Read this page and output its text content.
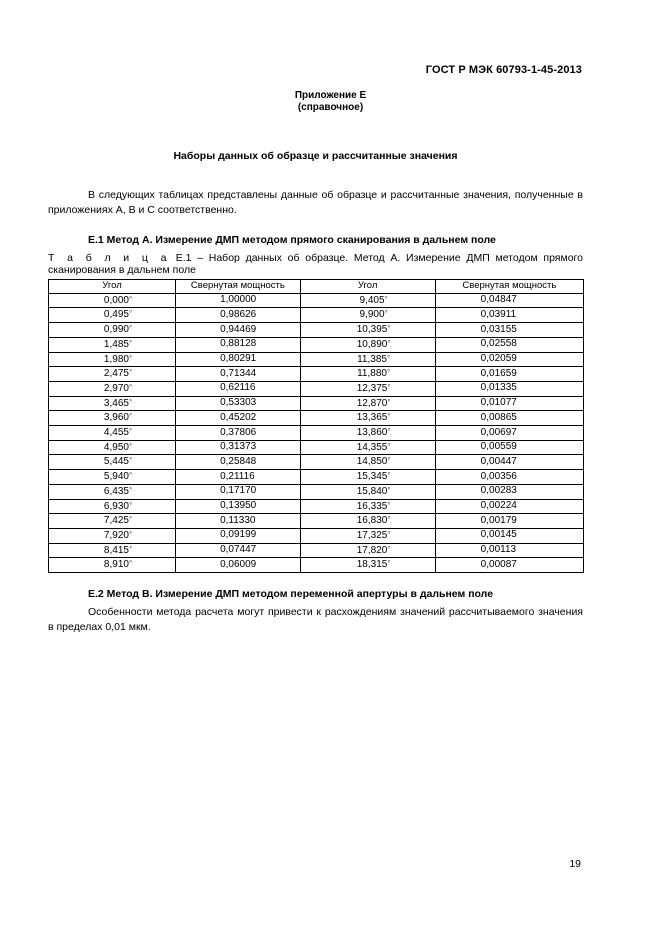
ГОСТ Р МЭК 60793-1-45-2013
Приложение Е
(справочное)
Наборы данных об образце и рассчитанные значения
В следующих таблицах представлены данные об образце и рассчитанные значения, полученные в приложениях А, В и С соответственно.
Е.1 Метод А. Измерение ДМП методом прямого сканирования в дальнем поле
Т а б л и ц а Е.1 – Набор данных об образце. Метод А. Измерение ДМП методом прямого сканирования в дальнем поле
Угол	Свернутая мощность	Угол	Свернутая мощность
0,000°	1,00000	9,405°	0,04847
0,495°	0,98626	9,900°	0,03911
0,990°	0,94469	10,395°	0,03155
1,485°	0,88128	10,890°	0,02558
1,980°	0,80291	11,385°	0,02059
2,475°	0,71344	11,880°	0,01659
2,970°	0,62116	12,375°	0,01335
3,465°	0,53303	12,870°	0,01077
3,960°	0,45202	13,365°	0,00865
4,455°	0,37806	13,860°	0,00697
4,950°	0,31373	14,355°	0,00559
5,445°	0,25848	14,850°	0,00447
5,940°	0,21116	15,345°	0,00356
6,435°	0,17170	15,840°	0,00283
6,930°	0,13950	16,335°	0,00224
7,425°	0,11330	16,830°	0,00179
7,920°	0,09199	17,325°	0,00145
8,415°	0,07447	17,820°	0,00113
8,910°	0,06009	18,315°	0,00087
Е.2 Метод В. Измерение ДМП методом переменной апертуры в дальнем поле
Особенности метода расчета могут привести к расхождениям значений рассчитываемого значения в пределах 0,01 мкм.
19
